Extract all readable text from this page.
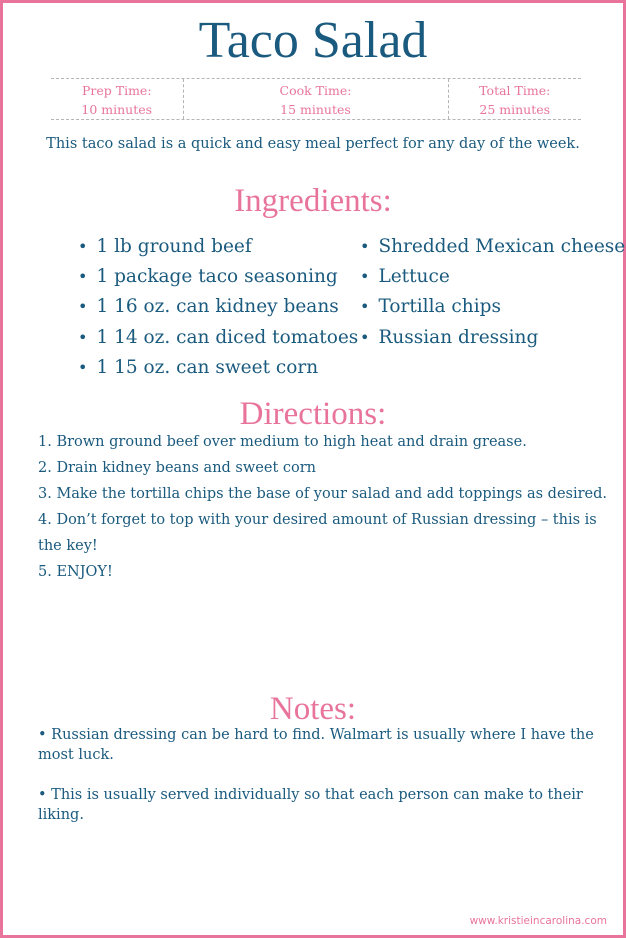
Taco Salad
Prep Time:
10 minutes
Cook Time:
15 minutes
Total Time:
25 minutes
This taco salad is a quick and easy meal perfect for any day of the week.
Ingredients:
• 1 lb ground beef
• 1 package taco seasoning
• 1 16 oz. can kidney beans
• 1 14 oz. can diced tomatoes
• 1 15 oz. can sweet corn
• Shredded Mexican cheese
• Lettuce
• Tortilla chips
• Russian dressing
Directions:

1. Brown ground beef over medium to high heat and drain grease.

2. Drain kidney beans and sweet corn

3. Make the tortilla chips the base of your salad and add toppings as desired.

4. Don’t forget to top with your desired amount of Russian dressing – this is the key!

5. ENJOY!

Notes:

• Russian dressing can be hard to find. Walmart is usually where I have the most luck.

• This is usually served individually so that each person can make to their liking.

www.kristieincarolina.com
